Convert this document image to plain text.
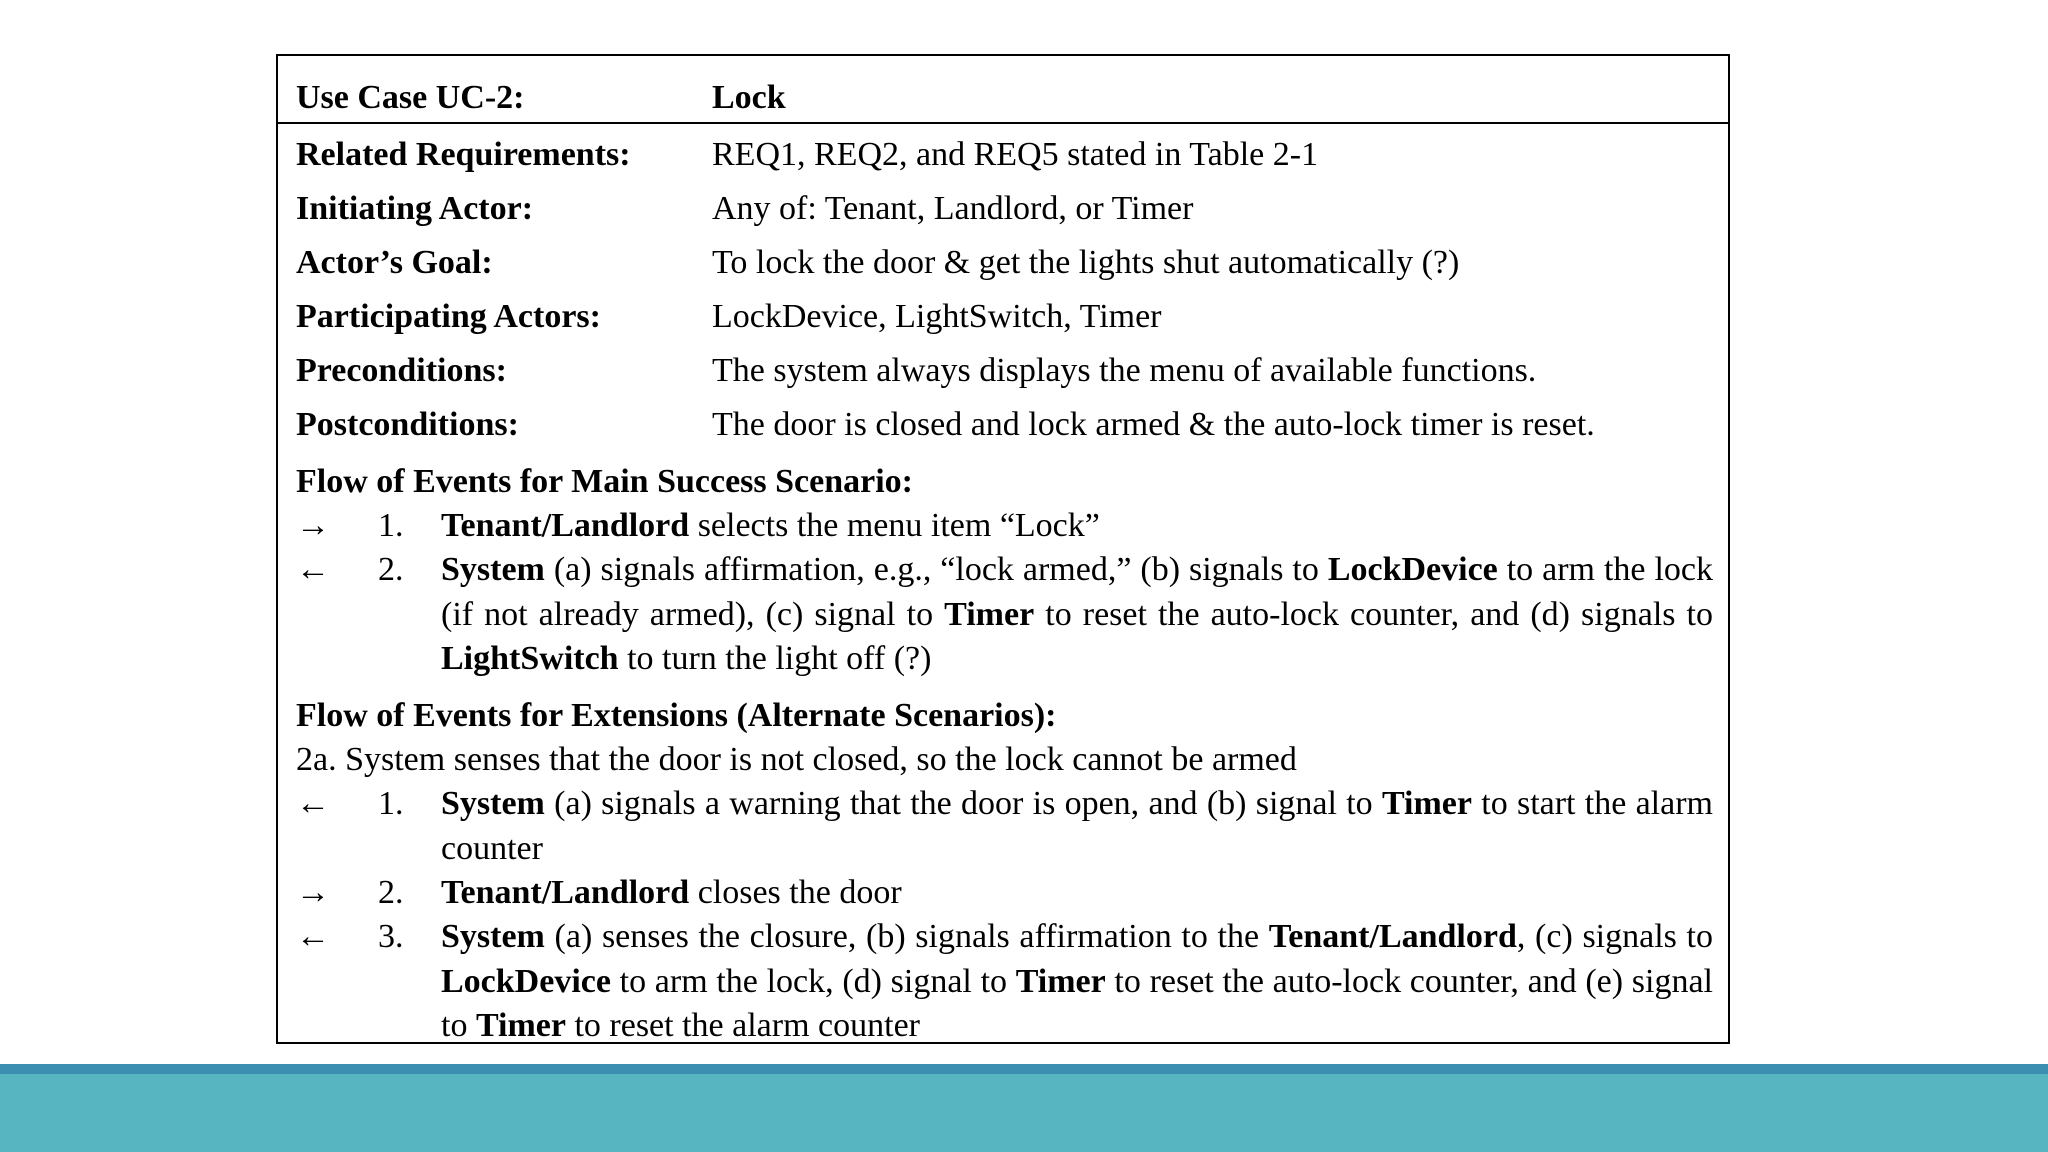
Use Case UC-2:	Lock
Related Requirements: REQ1, REQ2, and REQ5 stated in Table 2-1
Initiating Actor:	Any of: Tenant, Landlord, or Timer
Actor’s Goal:	To lock the door & get the lights shut automatically (?)
Participating Actors:	LockDevice, LightSwitch, Timer
Preconditions:	The system always displays the menu of available functions.
Postconditions:	The door is closed and lock armed & the auto-lock timer is reset.
Flow of Events for Main Success Scenario:
→ 1. Tenant/Landlord selects the menu item “Lock”
← 2. System (a) signals affirmation, e.g., “lock armed,” (b) signals to LockDevice to arm the lock (if not already armed), (c) signal to Timer to reset the auto-lock counter, and (d) signals to LightSwitch to turn the light off (?)
Flow of Events for Extensions (Alternate Scenarios):
2a. System senses that the door is not closed, so the lock cannot be armed
← 1. System (a) signals a warning that the door is open, and (b) signal to Timer to start the alarm counter
→ 2. Tenant/Landlord closes the door
← 3. System (a) senses the closure, (b) signals affirmation to the Tenant/Landlord, (c) signals to LockDevice to arm the lock, (d) signal to Timer to reset the auto-lock counter, and (e) signal to Timer to reset the alarm counter
